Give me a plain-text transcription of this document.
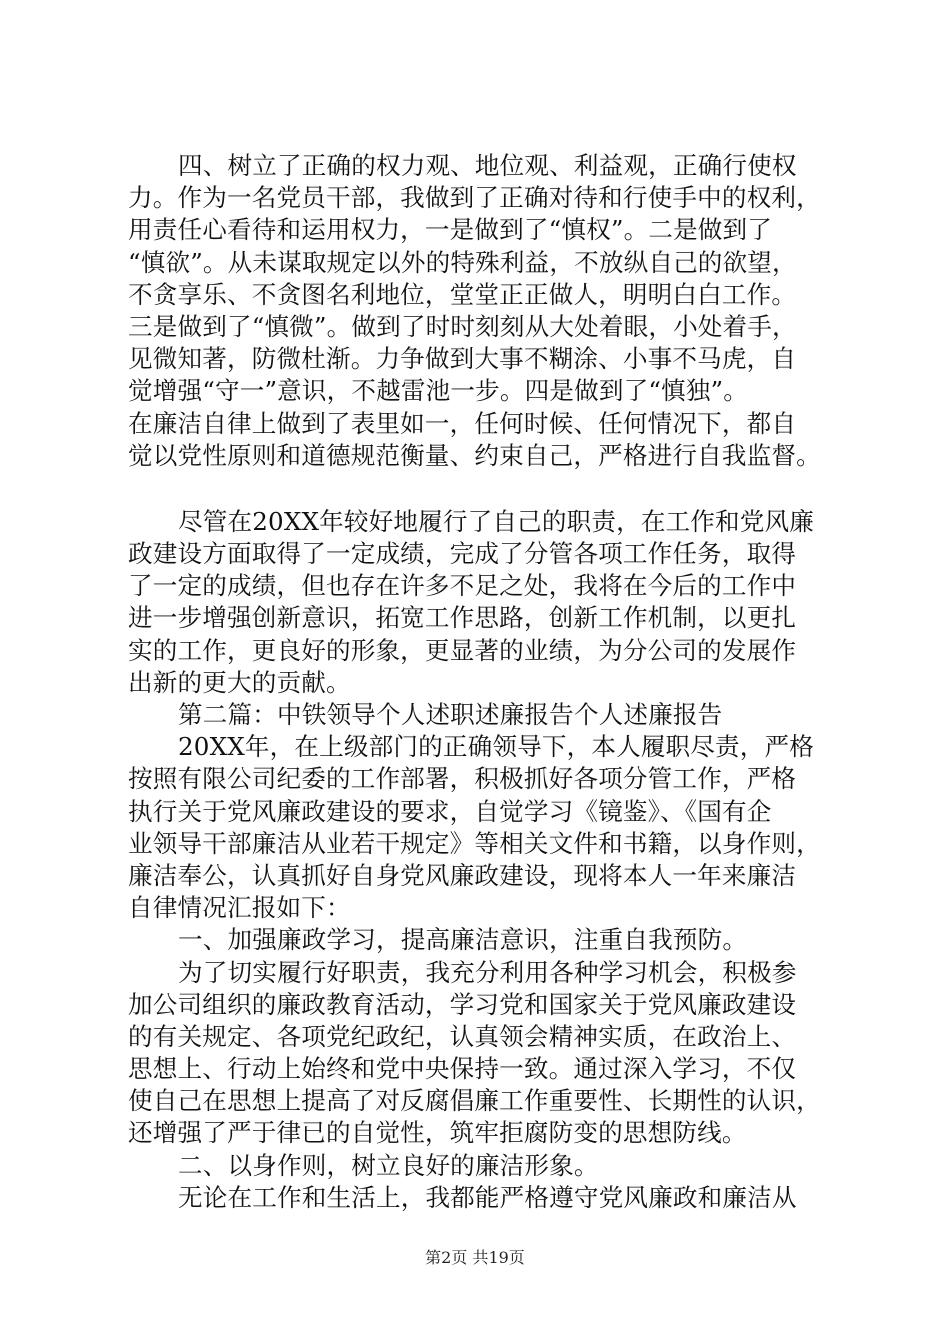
四、树立了正确的权力观、地位观、利益观，正确行使权
力。作为一名党员干部，我做到了正确对待和行使手中的权利，
用责任心看待和运用权力，一是做到了“慎权”。二是做到了
“慎欲”。从未谋取规定以外的特殊利益，不放纵自己的欲望，
不贪享乐、不贪图名利地位，堂堂正正做人，明明白白工作。
三是做到了“慎微”。做到了时时刻刻从大处着眼，小处着手，
见微知著，防微杜渐。力争做到大事不糊涂、小事不马虎，自
觉增强“守一”意识，不越雷池一步。四是做到了“慎独”。
在廉洁自律上做到了表里如一，任何时候、任何情况下，都自
觉以党性原则和道德规范衡量、约束自己，严格进行自我监督。
尽管在20XX年较好地履行了自己的职责，在工作和党风廉
政建设方面取得了一定成绩，完成了分管各项工作任务，取得
了一定的成绩，但也存在许多不足之处，我将在今后的工作中
进一步增强创新意识，拓宽工作思路，创新工作机制，以更扎
实的工作，更良好的形象，更显著的业绩，为分公司的发展作
出新的更大的贡献。
第二篇：中铁领导个人述职述廉报告个人述廉报告
20XX年，在上级部门的正确领导下，本人履职尽责，严格
按照有限公司纪委的工作部署，积极抓好各项分管工作，严格
执行关于党风廉政建设的要求，自觉学习《镜鉴》、《国有企
业领导干部廉洁从业若干规定》等相关文件和书籍，以身作则，
廉洁奉公，认真抓好自身党风廉政建设，现将本人一年来廉洁
自律情况汇报如下：
一、加强廉政学习，提高廉洁意识，注重自我预防。
为了切实履行好职责，我充分利用各种学习机会，积极参
加公司组织的廉政教育活动，学习党和国家关于党风廉政建设
的有关规定、各项党纪政纪，认真领会精神实质，在政治上、
思想上、行动上始终和党中央保持一致。通过深入学习，不仅
使自己在思想上提高了对反腐倡廉工作重要性、长期性的认识，
还增强了严于律已的自觉性，筑牢拒腐防变的思想防线。
二、以身作则，树立良好的廉洁形象。
无论在工作和生活上，我都能严格遵守党风廉政和廉洁从
第2页 共19页
